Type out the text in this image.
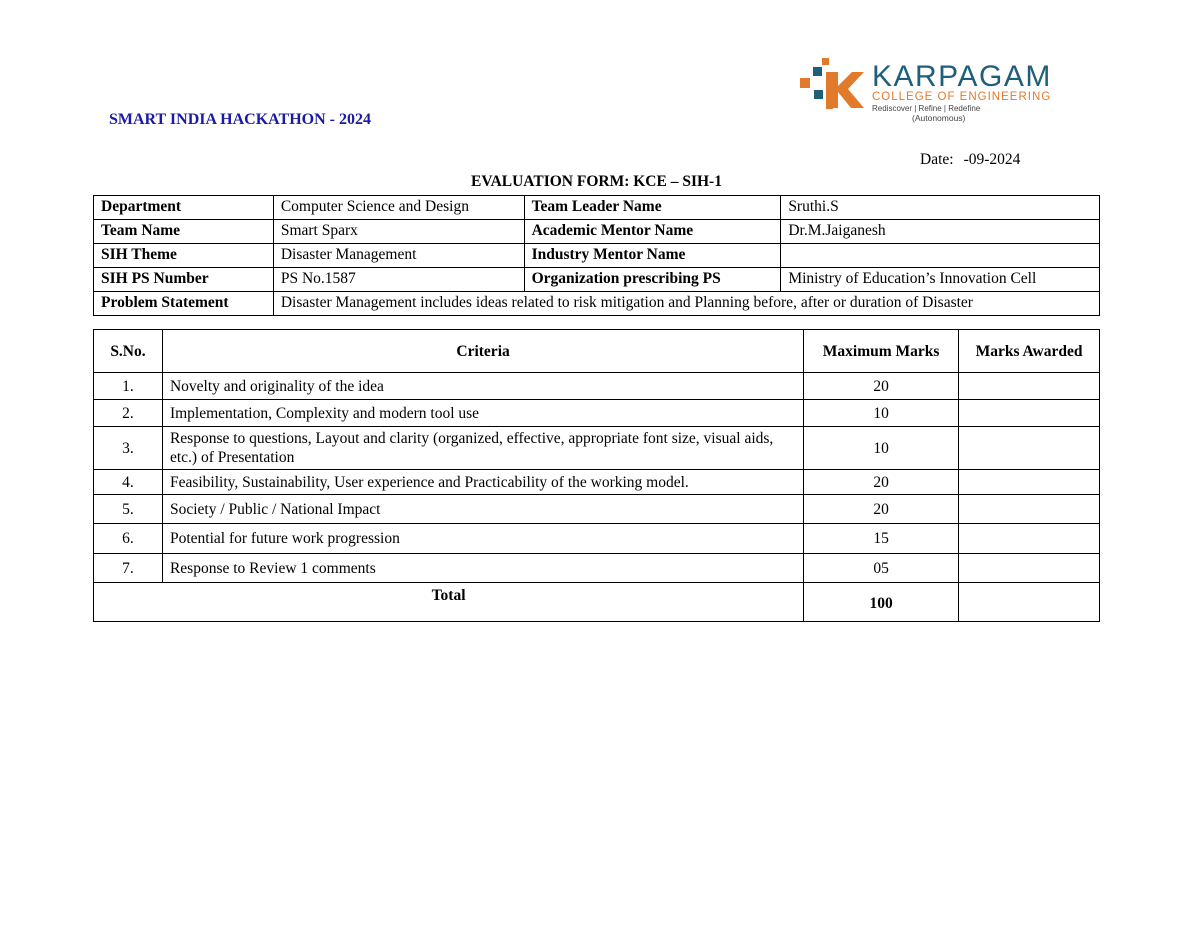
SMART INDIA HACKATHON - 2024
KARPAGAM
COLLEGE OF ENGINEERING
Rediscover | Refine | Redefine
(Autonomous)
Date: -09-2024
EVALUATION FORM: KCE – SIH-1
Department	Computer Science and Design	Team Leader Name	Sruthi.S
Team Name	Smart Sparx	Academic Mentor Name	Dr.M.Jaiganesh
SIH Theme	Disaster Management	Industry Mentor Name	
SIH PS Number	PS No.1587	Organization prescribing PS	Ministry of Education’s Innovation Cell
Problem Statement	Disaster Management includes ideas related to risk mitigation and Planning before, after or duration of Disaster		
S.No.	Criteria	Maximum Marks	Marks Awarded
1.	Novelty and originality of the idea	20	
2.	Implementation, Complexity and modern tool use	10	
3.	Response to questions, Layout and clarity (organized, effective, appropriate font size, visual aids, etc.) of Presentation	10	
4.	Feasibility, Sustainability, User experience and Practicability of the working model.	20	
5.	Society / Public / National Impact	20	
6.	Potential for future work progression	15	
7.	Response to Review 1 comments	05	
Total		100	
